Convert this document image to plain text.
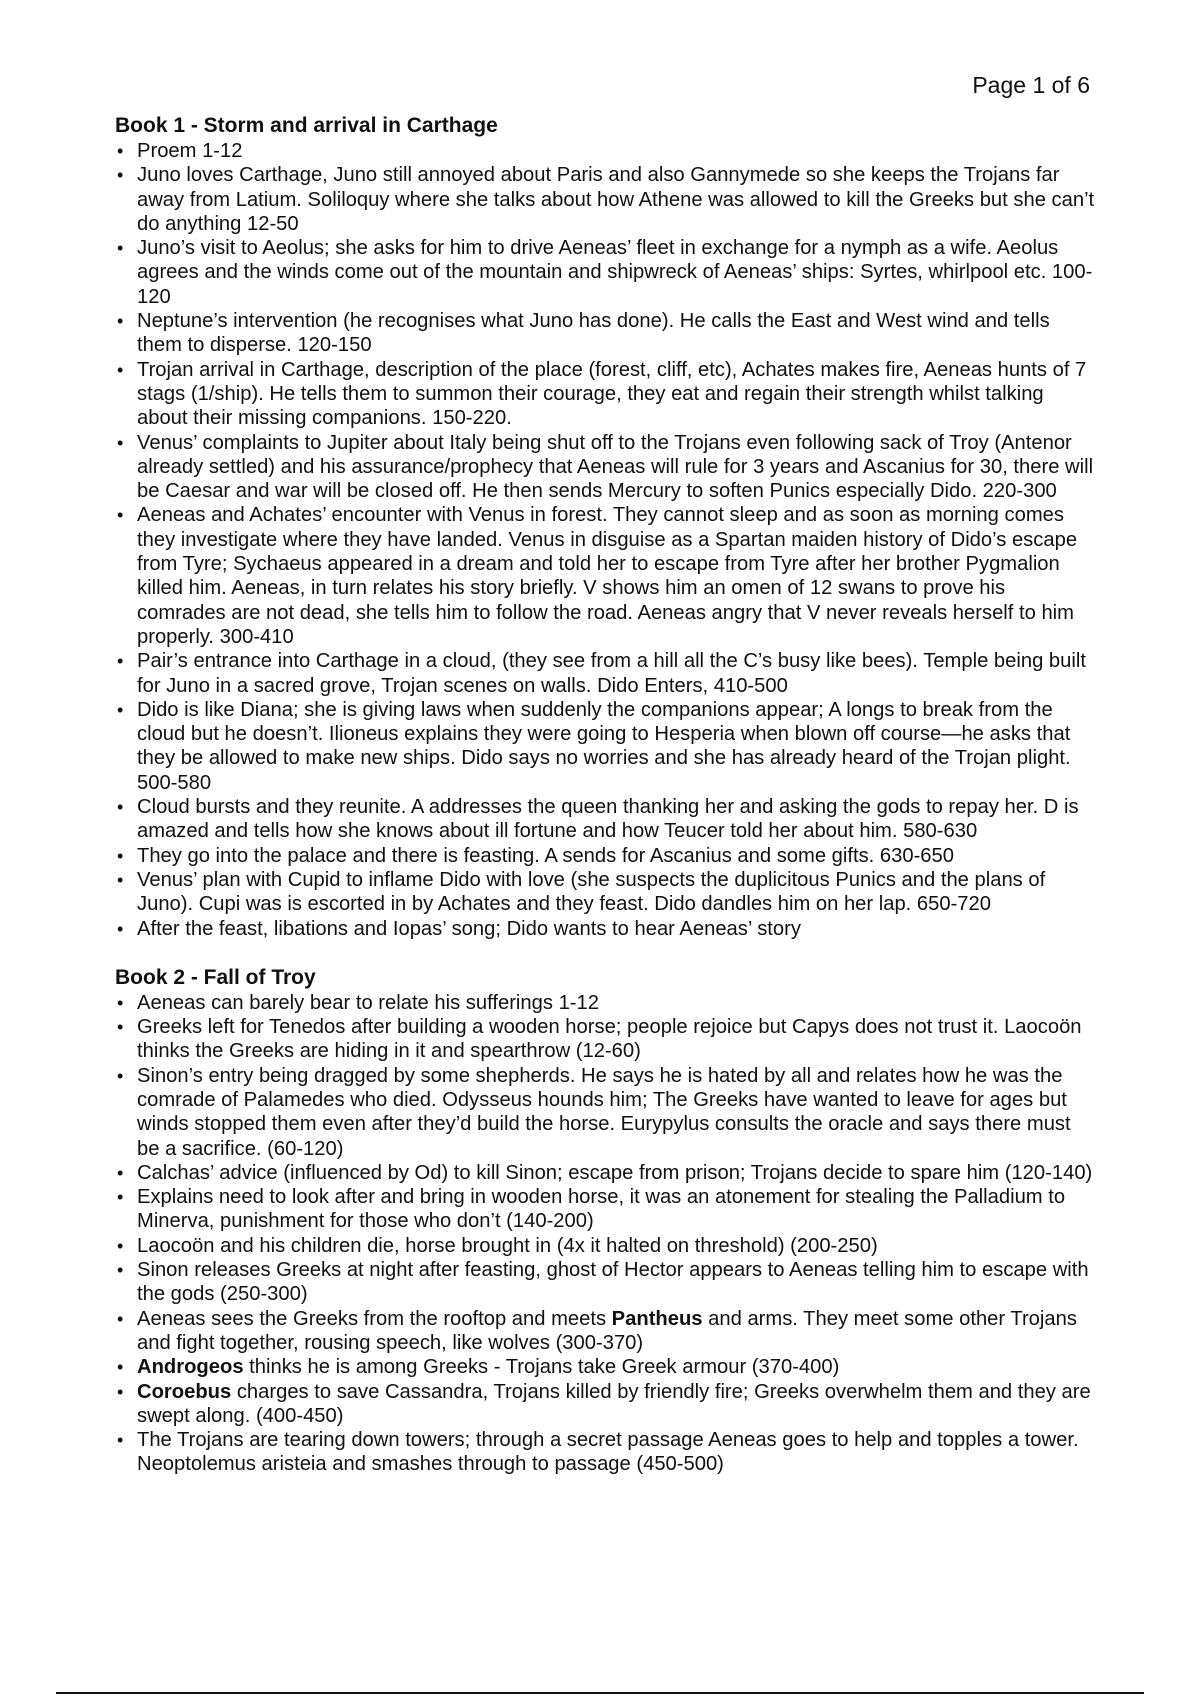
Page 1 of 6
Book 1 - Storm and arrival in Carthage
• Proem 1-12
• Juno loves Carthage, Juno still annoyed about Paris and also Gannymede so she keeps the Trojans far away from Latium. Soliloquy where she talks about how Athene was allowed to kill the Greeks but she can’t do anything 12-50
• Juno’s visit to Aeolus; she asks for him to drive Aeneas’ fleet in exchange for a nymph as a wife. Aeolus agrees and the winds come out of the mountain and shipwreck of Aeneas’ ships: Syrtes, whirlpool etc. 100-120
• Neptune’s intervention (he recognises what Juno has done). He calls the East and West wind and tells them to disperse. 120-150
• Trojan arrival in Carthage, description of the place (forest, cliff, etc), Achates makes fire, Aeneas hunts of 7 stags (1/ship). He tells them to summon their courage, they eat and regain their strength whilst talking about their missing companions. 150-220.
• Venus’ complaints to Jupiter about Italy being shut off to the Trojans even following sack of Troy (Antenor already settled) and his assurance/prophecy that Aeneas will rule for 3 years and Ascanius for 30, there will be Caesar and war will be closed off. He then sends Mercury to soften Punics especially Dido. 220-300
• Aeneas and Achates’ encounter with Venus in forest. They cannot sleep and as soon as morning comes they investigate where they have landed. Venus in disguise as a Spartan maiden history of Dido’s escape from Tyre; Sychaeus appeared in a dream and told her to escape from Tyre after her brother Pygmalion killed him. Aeneas, in turn relates his story briefly. V shows him an omen of 12 swans to prove his comrades are not dead, she tells him to follow the road. Aeneas angry that V never reveals herself to him properly. 300-410
• Pair’s entrance into Carthage in a cloud, (they see from a hill all the C’s busy like bees). Temple being built for Juno in a sacred grove, Trojan scenes on walls. Dido Enters, 410-500
• Dido is like Diana; she is giving laws when suddenly the companions appear; A longs to break from the cloud but he doesn’t. Ilioneus explains they were going to Hesperia when blown off course—he asks that they be allowed to make new ships. Dido says no worries and she has already heard of the Trojan plight. 500-580
• Cloud bursts and they reunite. A addresses the queen thanking her and asking the gods to repay her. D is amazed and tells how she knows about ill fortune and how Teucer told her about him. 580-630
• They go into the palace and there is feasting. A sends for Ascanius and some gifts. 630-650
• Venus’ plan with Cupid to inflame Dido with love (she suspects the duplicitous Punics and the plans of Juno). Cupi was is escorted in by Achates and they feast. Dido dandles him on her lap. 650-720
• After the feast, libations and Iopas’ song; Dido wants to hear Aeneas’ story
Book 2 - Fall of Troy
• Aeneas can barely bear to relate his sufferings 1-12
• Greeks left for Tenedos after building a wooden horse; people rejoice but Capys does not trust it. Laocoön thinks the Greeks are hiding in it and spearthrow (12-60)
• Sinon’s entry being dragged by some shepherds. He says he is hated by all and relates how he was the comrade of Palamedes who died. Odysseus hounds him; The Greeks have wanted to leave for ages but winds stopped them even after they’d build the horse. Eurypylus consults the oracle and says there must be a sacrifice. (60-120)
• Calchas’ advice (influenced by Od) to kill Sinon; escape from prison; Trojans decide to spare him (120-140)
• Explains need to look after and bring in wooden horse, it was an atonement for stealing the Palladium to Minerva, punishment for those who don’t (140-200)
• Laocoön and his children die, horse brought in (4x it halted on threshold) (200-250)
• Sinon releases Greeks at night after feasting, ghost of Hector appears to Aeneas telling him to escape with the gods (250-300)
• Aeneas sees the Greeks from the rooftop and meets Pantheus and arms. They meet some other Trojans and fight together, rousing speech, like wolves (300-370)
• Androgeos thinks he is among Greeks - Trojans take Greek armour (370-400)
• Coroebus charges to save Cassandra, Trojans killed by friendly fire; Greeks overwhelm them and they are swept along. (400-450)
• The Trojans are tearing down towers; through a secret passage Aeneas goes to help and topples a tower. Neoptolemus aristeia and smashes through to passage (450-500)
